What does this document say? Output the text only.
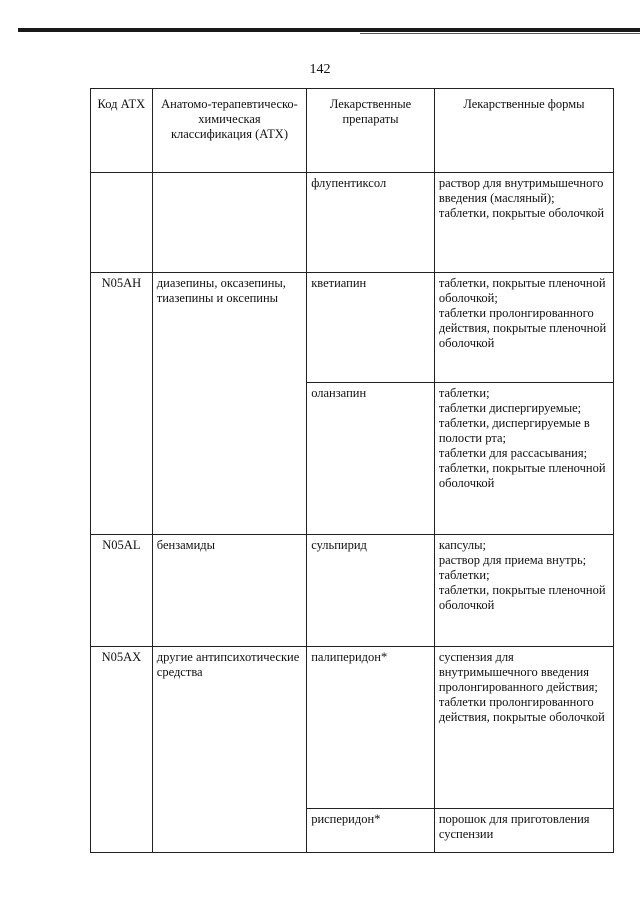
142
Код АТХ	Анатомо-терапевтическо-химическая классификация (АТХ)	Лекарственные препараты	Лекарственные формы
		флупентиксол	раствор для внутримышечного введения (масляный);
таблетки, покрытые оболочкой

N05AH	диазепины, оксазепины, тиазепины и оксепины	кветиапин	таблетки, покрытые пленочной оболочкой;
таблетки пролонгированного действия, покрытые пленочной оболочкой

		оланзапин	таблетки;
таблетки диспергируемые;
таблетки, диспергируемые в полости рта;
таблетки для рассасывания;
таблетки, покрытые пленочной оболочкой

N05AL	бензамиды	сульпирид	капсулы;
раствор для приема внутрь;
таблетки;
таблетки, покрытые пленочной оболочкой

N05AX	другие антипсихотические средства	палиперидон*	суспензия для внутримышечного введения пролонгированного действия;
таблетки пролонгированного действия, покрытые оболочкой

		рисперидон*	порошок для приготовления суспензии
